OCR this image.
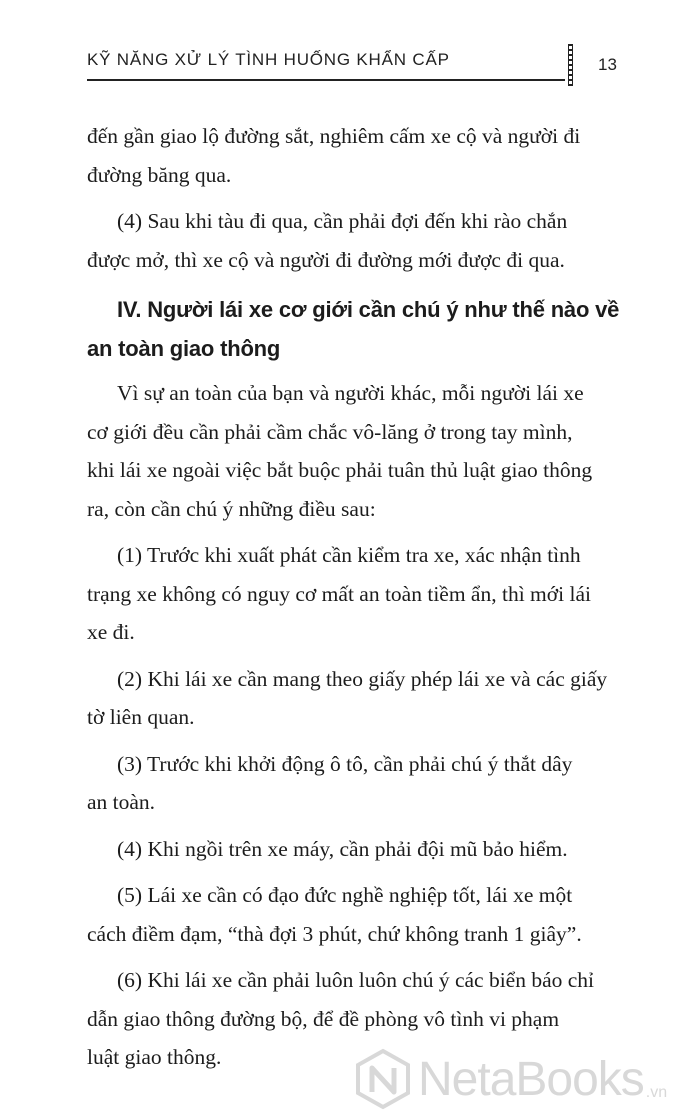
KỸ NĂNG XỬ LÝ TÌNH HUỐNG KHẨN CẤP	13

đến gần giao lộ đường sắt, nghiêm cấm xe cộ và người đi
đường băng qua.

(4) Sau khi tàu đi qua, cần phải đợi đến khi rào chắn
được mở, thì xe cộ và người đi đường mới được đi qua.

IV. Người lái xe cơ giới cần chú ý như thế nào về
an toàn giao thông

Vì sự an toàn của bạn và người khác, mỗi người lái xe
cơ giới đều cần phải cầm chắc vô-lăng ở trong tay mình,
khi lái xe ngoài việc bắt buộc phải tuân thủ luật giao thông
ra, còn cần chú ý những điều sau:

(1) Trước khi xuất phát cần kiểm tra xe, xác nhận tình
trạng xe không có nguy cơ mất an toàn tiềm ẩn, thì mới lái
xe đi.

(2) Khi lái xe cần mang theo giấy phép lái xe và các giấy
tờ liên quan.

(3) Trước khi khởi động ô tô, cần phải chú ý thắt dây
an toàn.

(4) Khi ngồi trên xe máy, cần phải đội mũ bảo hiểm.

(5) Lái xe cần có đạo đức nghề nghiệp tốt, lái xe một
cách điềm đạm, “thà đợi 3 phút, chứ không tranh 1 giây”.

(6) Khi lái xe cần phải luôn luôn chú ý các biển báo chỉ
dẫn giao thông đường bộ, để đề phòng vô tình vi phạm
luật giao thông.	NetaBooks .vn
